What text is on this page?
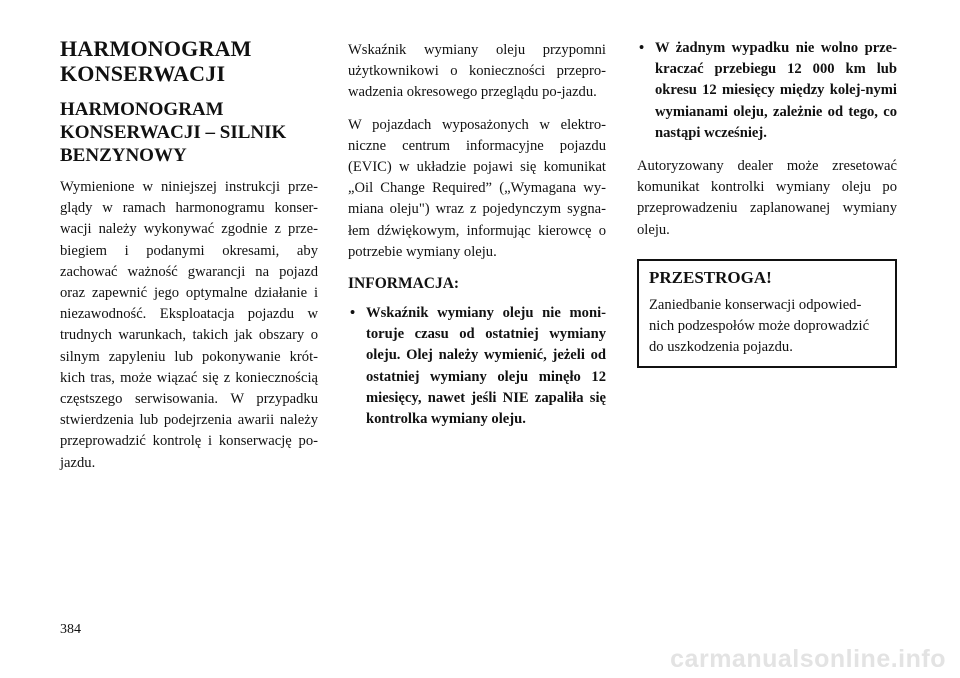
HARMONOGRAM KONSERWACJI
HARMONOGRAM KONSERWACJI – SILNIK BENZYNOWY

Wymienione w niniejszej instrukcji prze-glądy w ramach harmonogramu konser-wacji należy wykonywać zgodnie z prze-biegiem i podanymi okresami, aby zachować ważność gwarancji na pojazd oraz zapewnić jego optymalne działanie i niezawodność. Eksploatacja pojazdu w trudnych warunkach, takich jak obszary o silnym zapyleniu lub pokonywanie krót-kich tras, może wiązać się z koniecznością częstszego serwisowania. W przypadku stwierdzenia lub podejrzenia awarii należy przeprowadzić kontrolę i konserwację po-jazdu.

Wskaźnik wymiany oleju przypomni użytkownikowi o konieczności przepro-wadzenia okresowego przeglądu po-jazdu.

W pojazdach wyposażonych w elektro-niczne centrum informacyjne pojazdu (EVIC) w układzie pojawi się komunikat „Oil Change Required” („Wymagana wy-miana oleju") wraz z pojedynczym sygna-łem dźwiękowym, informując kierowcę o potrzebie wymiany oleju.

INFORMACJA:
• Wskaźnik wymiany oleju nie moni-toruje czasu od ostatniej wymiany oleju. Olej należy wymienić, jeżeli od ostatniej wymiany oleju minęło 12 miesięcy, nawet jeśli NIE zapaliła się kontrolka wymiany oleju.
• W żadnym wypadku nie wolno prze-kraczać przebiegu 12 000 km lub okresu 12 miesięcy między kolej-nymi wymianami oleju, zależnie od tego, co nastąpi wcześniej.

Autoryzowany dealer może zresetować komunikat kontrolki wymiany oleju po przeprowadzeniu zaplanowanej wymiany oleju.

PRZESTROGA!

Zaniedbanie konserwacji odpowied-nich podzespołów może doprowadzić do uszkodzenia pojazdu.

384
carmanualsonline.info
